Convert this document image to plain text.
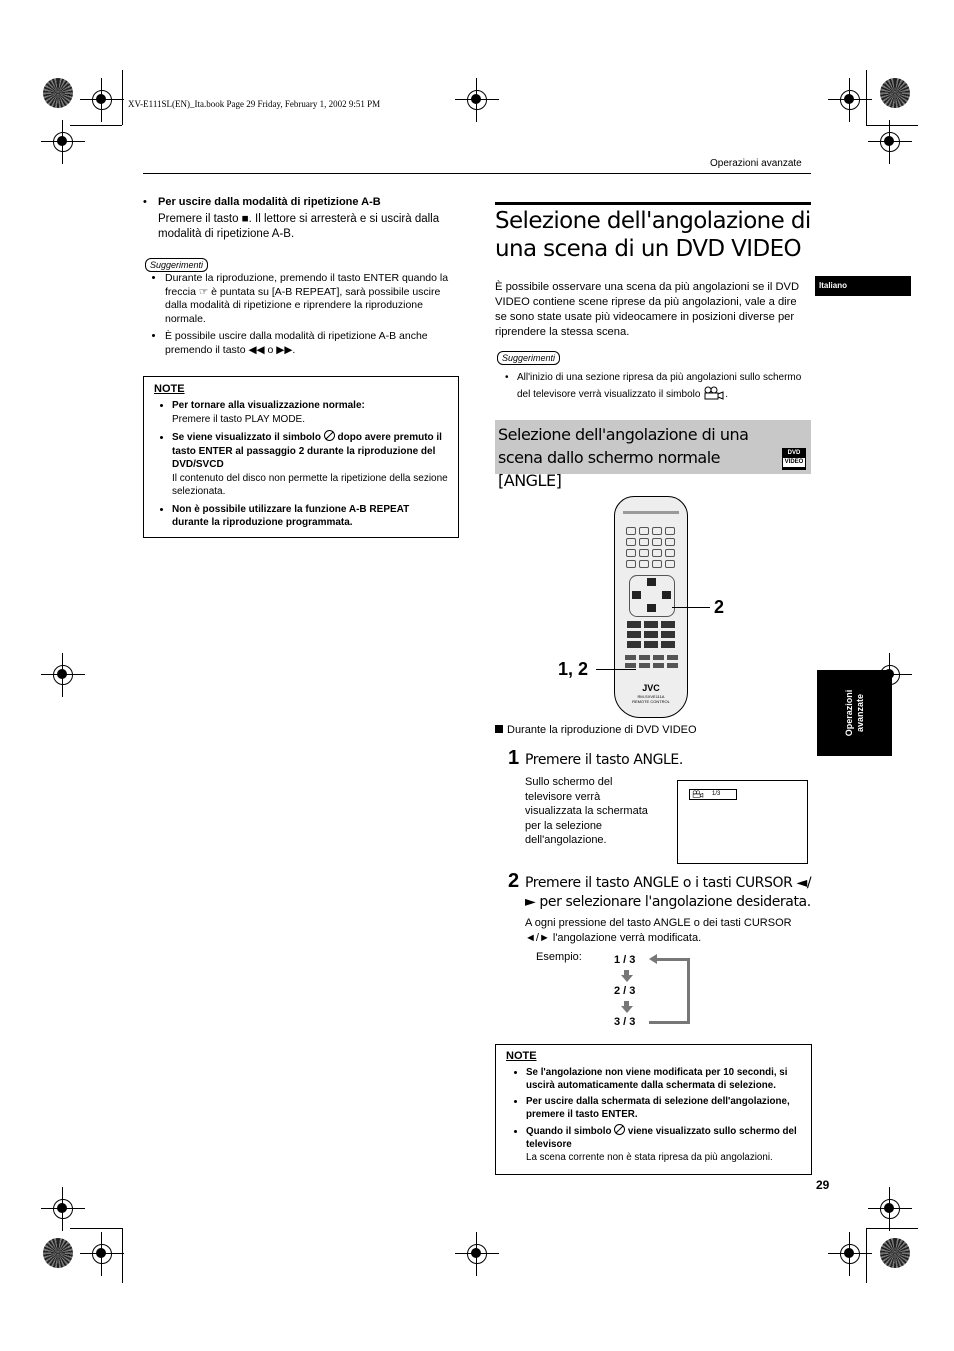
XV-E111SL(EN)_Ita.book Page 29 Friday, February 1, 2002 9:51 PM
Operazioni avanzate
Italiano
Operazioni avanzate
• Per uscire dalla modalità di ripetizione A-B
Premere il tasto ■. Il lettore si arresterà e si uscirà dalla modalità di ripetizione A-B.
Suggerimenti
• Durante la riproduzione, premendo il tasto ENTER quando la freccia ☞ è puntata su [A-B REPEAT], sarà possibile uscire dalla modalità di ripetizione e riprendere la riproduzione normale.
• È possibile uscire dalla modalità di ripetizione A-B anche premendo il tasto ◀◀ o ▶▶.
NOTE
• Per tornare alla visualizzazione normale:
Premere il tasto PLAY MODE.
• Se viene visualizzato il simbolo dopo avere premuto il tasto ENTER al passaggio 2 durante la riproduzione del DVD/SVCD
Il contenuto del disco non permette la ripetizione della sezione selezionata.
• Non è possibile utilizzare la funzione A-B REPEAT durante la riproduzione programmata.
Selezione dell'angolazione di una scena di un DVD VIDEO
È possibile osservare una scena da più angolazioni se il DVD VIDEO contiene scene riprese da più angolazioni, vale a dire se sono state usate più videocamere in posizioni diverse per riprendere la stessa scena.
Suggerimenti
• All'inizio di una sezione ripresa da più angolazioni sullo schermo del televisore verrà visualizzato il simbolo .
Selezione dell'angolazione di una scena dallo schermo normale [ANGLE]
DVD
VIDEO
JVC
RM-SXVE111A
REMOTE CONTROL
2
1, 2
Durante la riproduzione di DVD VIDEO
1 Premere il tasto ANGLE.
Sullo schermo del televisore verrà visualizzata la schermata per la selezione dell'angolazione.
1/3
2 Premere il tasto ANGLE o i tasti CURSOR ◄/► per selezionare l'angolazione desiderata.
A ogni pressione del tasto ANGLE o dei tasti CURSOR ◄/► l'angolazione verrà modificata.
Esempio:	1 / 3
2 / 3
3 / 3
NOTE
• Se l'angolazione non viene modificata per 10 secondi, si uscirà automaticamente dalla schermata di selezione.
• Per uscire dalla schermata di selezione dell'angolazione, premere il tasto ENTER.
• Quando il simbolo viene visualizzato sullo schermo del televisore
La scena corrente non è stata ripresa da più angolazioni.
29
